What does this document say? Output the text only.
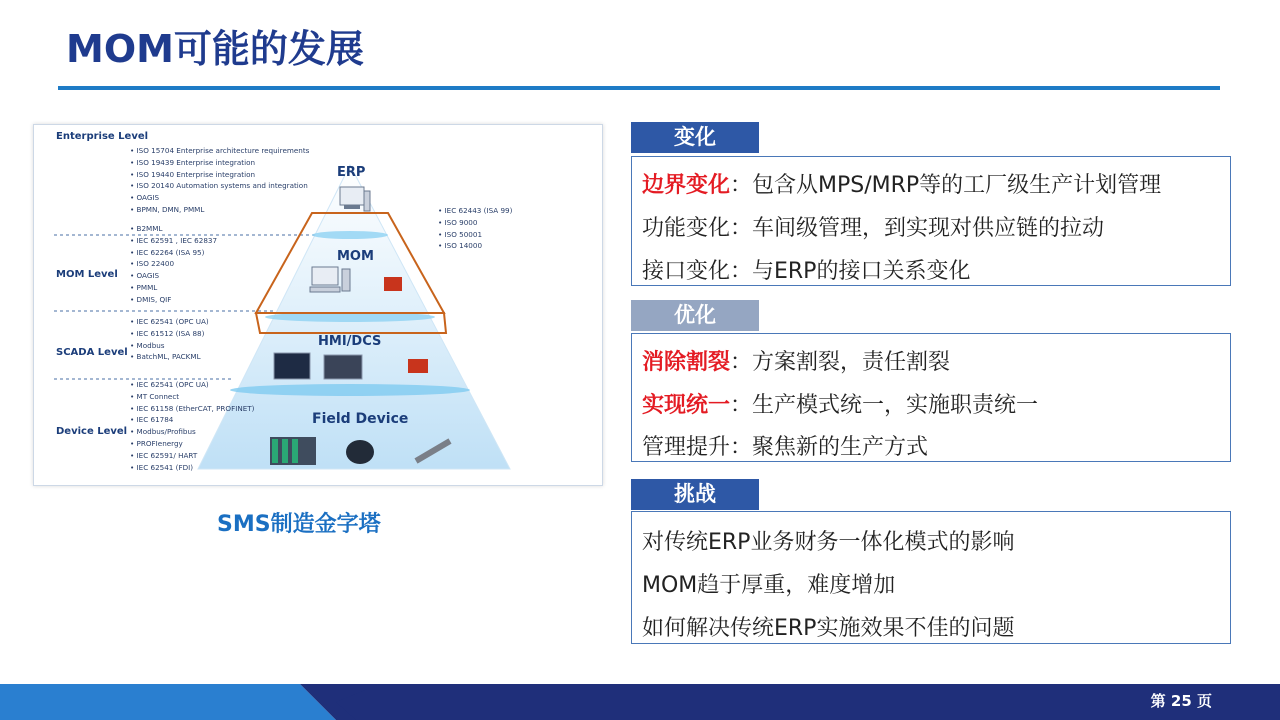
MOM可能的发展
Enterprise Level
MOM Level
SCADA Level
Device Level
• ISO 15704 Enterprise architecture requirements
• ISO 19439 Enterprise integration
• ISO 19440 Enterprise integration
• ISO 20140 Automation systems and integration
• OAGIS
• BPMN, DMN, PMML
• B2MML
• IEC 62591 , IEC 62837
• IEC 62264 (ISA 95)
• ISO 22400
• OAGIS
• PMML
• DMIS, QIF
• IEC 62541 (OPC UA)
• IEC 61512 (ISA 88)
• Modbus
• BatchML, PACKML
• IEC 62541 (OPC UA)
• MT Connect
• IEC 61158 (EtherCAT, PROFINET)
• IEC 61784
• Modbus/Profibus
• PROFIenergy
• IEC 62591/ HART
• IEC 62541 (FDI)
• IEC 62443 (ISA 99)
• ISO 9000
• ISO 50001
• ISO 14000
ERP
MOM
HMI/DCS
Field Device
SMS制造金字塔
变化
边界变化：包含从MPS/MRP等的工厂级生产计划管理
功能变化：车间级管理，到实现对供应链的拉动
接口变化：与ERP的接口关系变化
优化
消除割裂：方案割裂，责任割裂
实现统一：生产模式统一，实施职责统一
管理提升：聚焦新的生产方式
挑战
对传统ERP业务财务一体化模式的影响
MOM趋于厚重，难度增加
如何解决传统ERP实施效果不佳的问题
第 25 页
